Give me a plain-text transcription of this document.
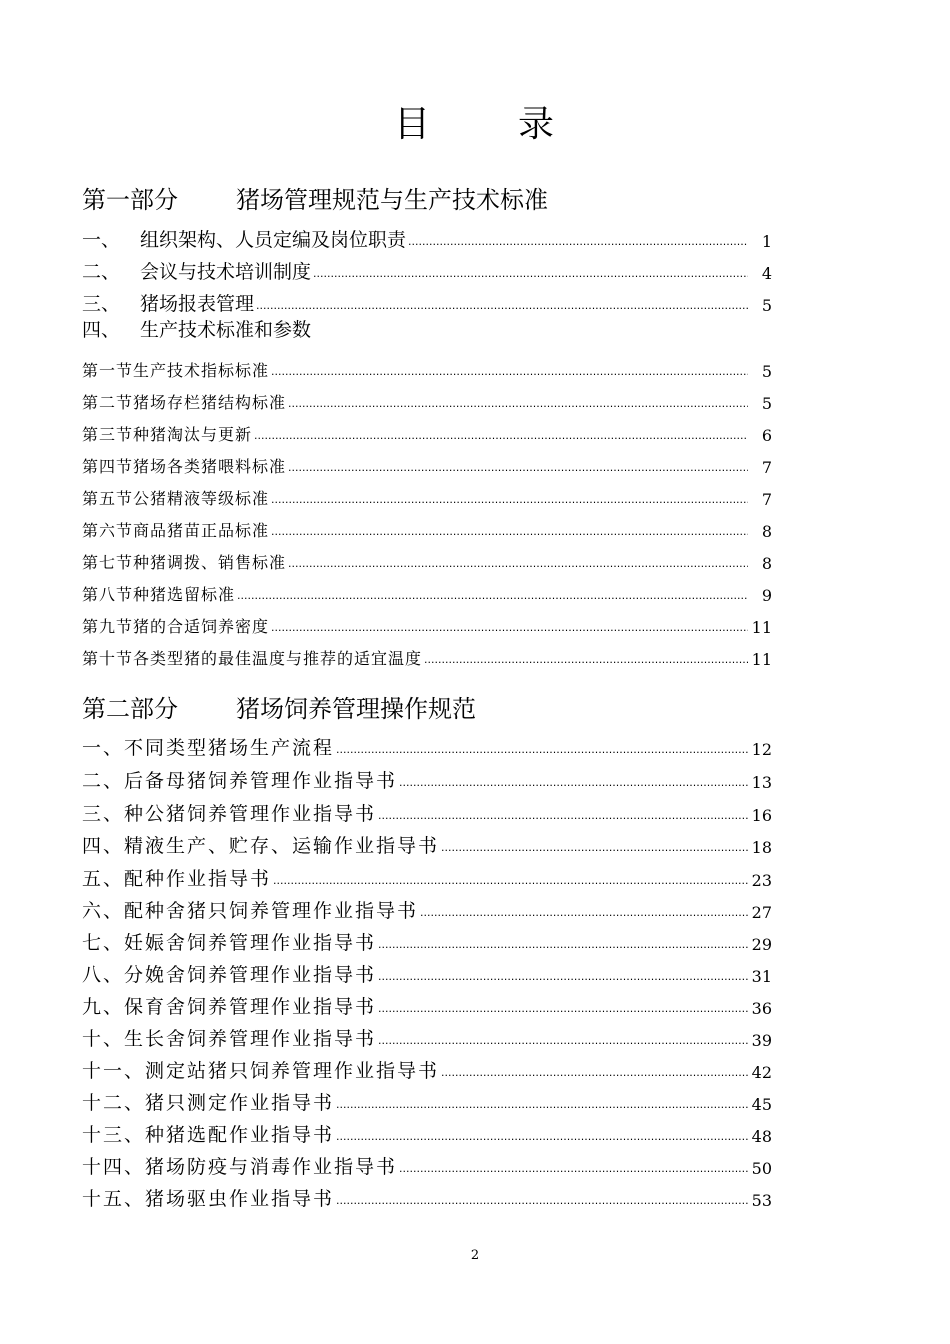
目 录
第一部分 猪场管理规范与生产技术标准
一、 组织架构、人员定编及岗位职责 .....	1
二、 会议与技术培训制度 .....	4
三、 猪场报表管理 .....	5
四、 生产技术标准和参数
第一节生产技术指标标准 .....	5
第二节猪场存栏猪结构标准 .....	5
第三节种猪淘汰与更新 .....	6
第四节猪场各类猪喂料标准 .....	7
第五节公猪精液等级标准 .....	7
第六节商品猪苗正品标准 .....	8
第七节种猪调拨、销售标准 .....	8
第八节种猪选留标准 .....	9
第九节猪的合适饲养密度 .....	11
第十节各类型猪的最佳温度与推荐的适宜温度 .....	11
第二部分 猪场饲养管理操作规范
一、不同类型猪场生产流程 .....	12
二、后备母猪饲养管理作业指导书 .....	13
三、种公猪饲养管理作业指导书 .....	16
四、精液生产、贮存、运输作业指导书 .....	18
五、配种作业指导书 .....	23
六、配种舍猪只饲养管理作业指导书 .....	27
七、妊娠舍饲养管理作业指导书 .....	29
八、分娩舍饲养管理作业指导书 .....	31
九、保育舍饲养管理作业指导书 .....	36
十、生长舍饲养管理作业指导书 .....	39
十一、测定站猪只饲养管理作业指导书 .....	42
十二、猪只测定作业指导书 .....	45
十三、种猪选配作业指导书 .....	48
十四、猪场防疫与消毒作业指导书 .....	50
十五、猪场驱虫作业指导书 .....	53
2
